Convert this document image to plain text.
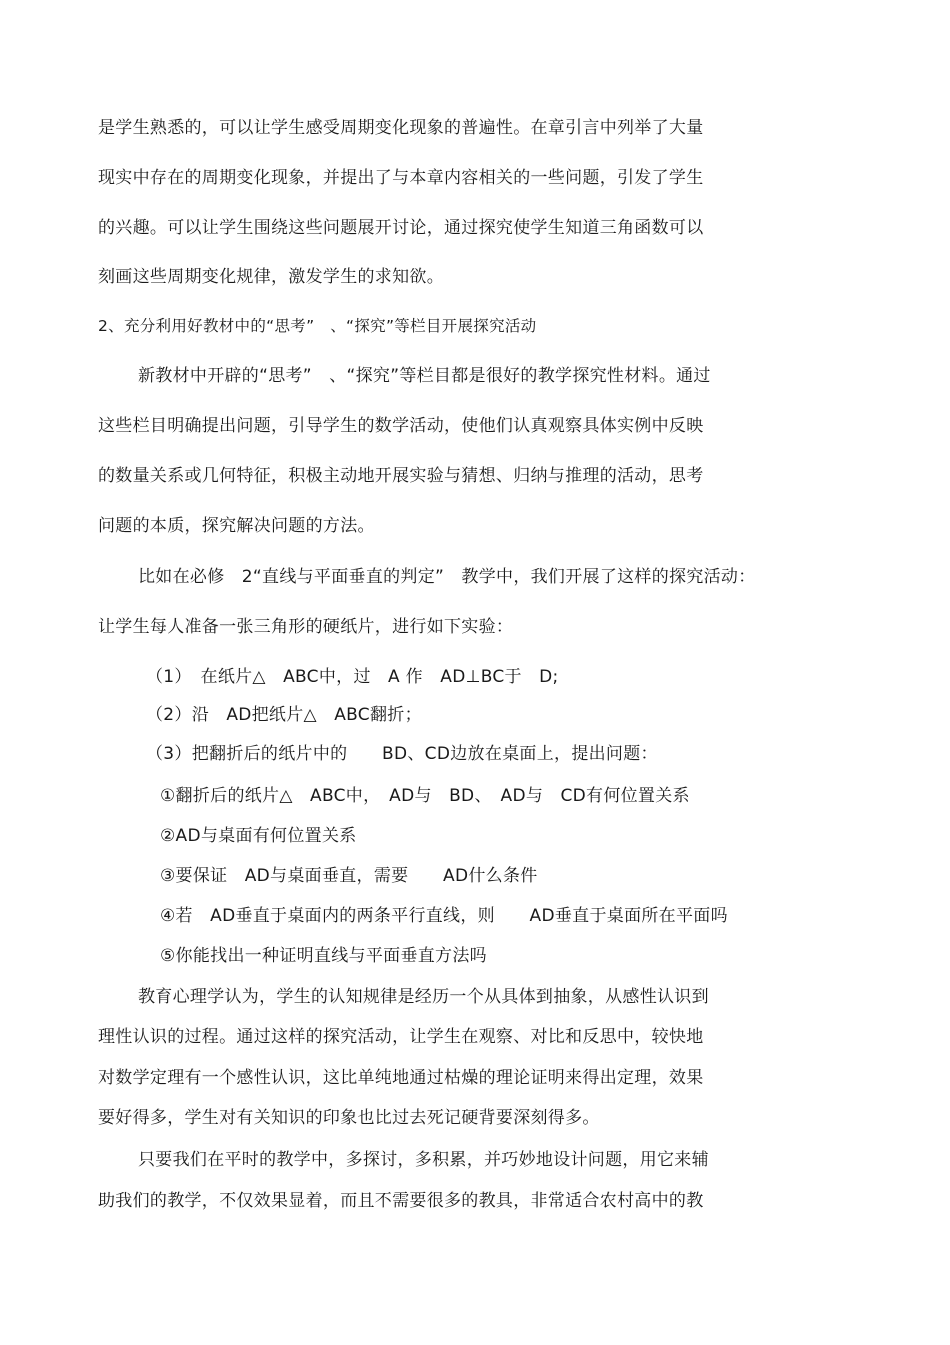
是学生熟悉的，可以让学生感受周期变化现象的普遍性。在章引言中列举了大量
现实中存在的周期变化现象，并提出了与本章内容相关的一些问题，引发了学生
的兴趣。可以让学生围绕这些问题展开讨论，通过探究使学生知道三角函数可以
刻画这些周期变化规律，激发学生的求知欲。
2、充分利用好教材中的“思考”　、“探究”等栏目开展探究活动
新教材中开辟的“思考”　、“探究”等栏目都是很好的教学探究性材料。通过
这些栏目明确提出问题，引导学生的数学活动，使他们认真观察具体实例中反映
的数量关系或几何特征，积极主动地开展实验与猜想、归纳与推理的活动，思考
问题的本质，探究解决问题的方法。
比如在必修　2“直线与平面垂直的判定”　教学中，我们开展了这样的探究活动：
让学生每人准备一张三角形的硬纸片，进行如下实验：
（1）　在纸片△　ABC中，过　A 作　AD⊥BC于　D;
（2）沿　AD把纸片△　ABC翻折；
（3）把翻折后的纸片中的　　BD、CD边放在桌面上，提出问题：
①翻折后的纸片△　ABC中，　AD与　BD、　AD与　CD有何位置关系
②AD与桌面有何位置关系
③要保证　AD与桌面垂直，需要　　AD什么条件
④若　AD垂直于桌面内的两条平行直线，则　　AD垂直于桌面所在平面吗
⑤你能找出一种证明直线与平面垂直方法吗
教育心理学认为，学生的认知规律是经历一个从具体到抽象，从感性认识到
理性认识的过程。通过这样的探究活动，让学生在观察、对比和反思中，较快地
对数学定理有一个感性认识，这比单纯地通过枯燥的理论证明来得出定理，效果
要好得多，学生对有关知识的印象也比过去死记硬背要深刻得多。
只要我们在平时的教学中，多探讨，多积累，并巧妙地设计问题，用它来辅
助我们的教学，不仅效果显着，而且不需要很多的教具，非常适合农村高中的教
